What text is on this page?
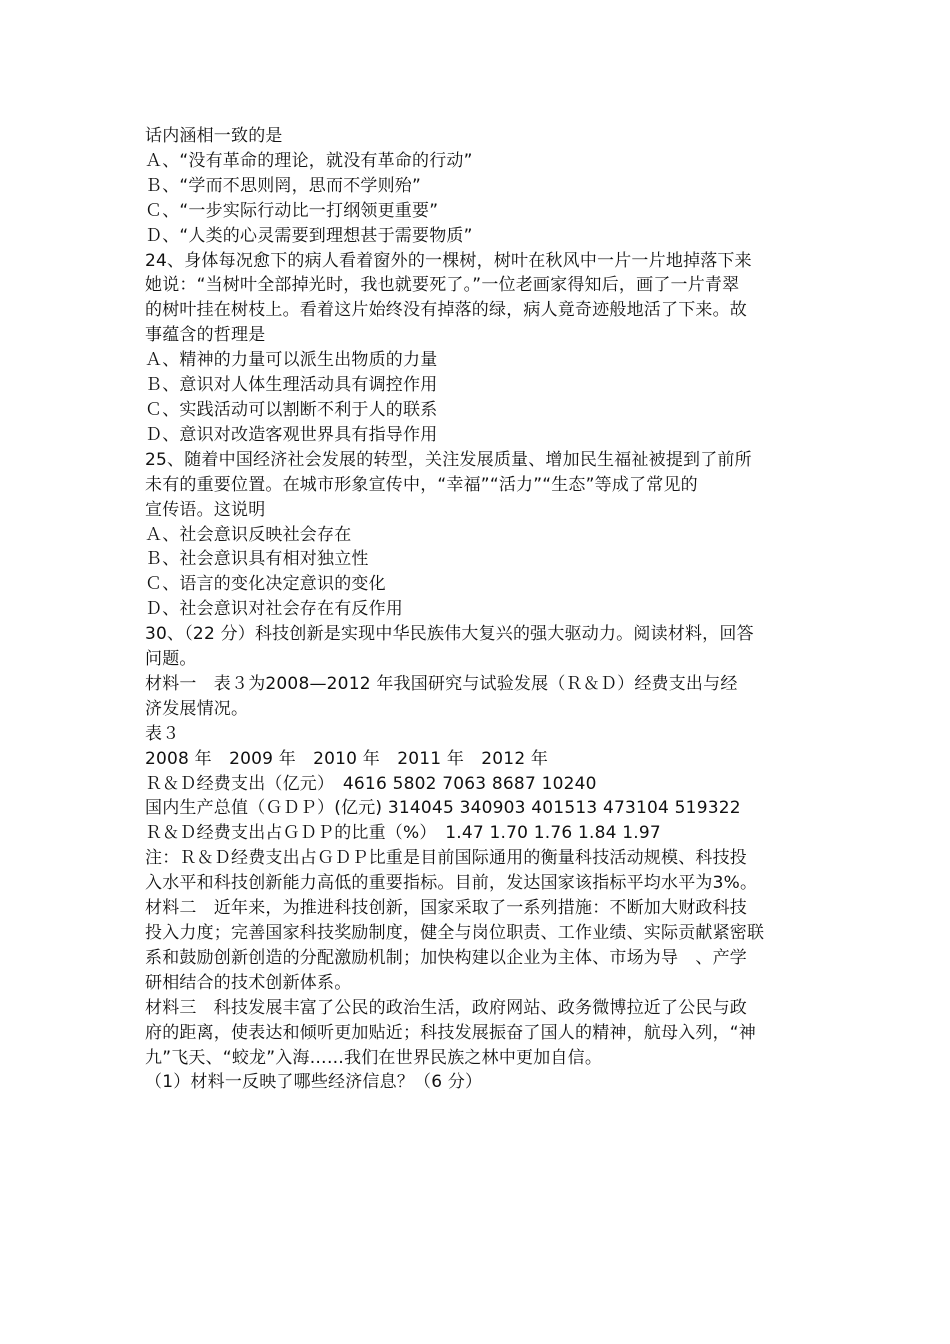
话内涵相一致的是
Ａ、“没有革命的理论，就没有革命的行动”
Ｂ、“学而不思则罔，思而不学则殆”
Ｃ、“一步实际行动比一打纲领更重要”
Ｄ、“人类的心灵需要到理想甚于需要物质”
24、身体每况愈下的病人看着窗外的一棵树，树叶在秋风中一片一片地掉落下来
她说：“当树叶全部掉光时，我也就要死了。”一位老画家得知后，画了一片青翠
的树叶挂在树枝上。看着这片始终没有掉落的绿，病人竟奇迹般地活了下来。故
事蕴含的哲理是
Ａ、精神的力量可以派生出物质的力量
Ｂ、意识对人体生理活动具有调控作用
Ｃ、实践活动可以割断不利于人的联系
Ｄ、意识对改造客观世界具有指导作用
25、随着中国经济社会发展的转型，关注发展质量、增加民生福祉被提到了前所
未有的重要位置。在城市形象宣传中，“幸福”“活力”“生态”等成了常见的
宣传语。这说明
Ａ、社会意识反映社会存在
Ｂ、社会意识具有相对独立性
Ｃ、语言的变化决定意识的变化
Ｄ、社会意识对社会存在有反作用
30、（22 分）科技创新是实现中华民族伟大复兴的强大驱动力。阅读材料，回答
问题。
材料一　表３为2008—2012 年我国研究与试验发展（Ｒ＆Ｄ）经费支出与经
济发展情况。
表３
2008 年　2009 年　2010 年　2011 年　2012 年
Ｒ＆Ｄ经费支出（亿元）　4616 5802 7063 8687 10240
国内生产总值（ＧＤＰ）(亿元) 314045 340903 401513 473104 519322
Ｒ＆Ｄ经费支出占ＧＤＰ的比重（%）　1.47 1.70 1.76 1.84 1.97
注：Ｒ＆Ｄ经费支出占ＧＤＰ比重是目前国际通用的衡量科技活动规模、科技投
入水平和科技创新能力高低的重要指标。目前，发达国家该指标平均水平为3%。
材料二　近年来，为推进科技创新，国家采取了一系列措施：不断加大财政科技
投入力度；完善国家科技奖励制度，健全与岗位职责、工作业绩、实际贡献紧密联
系和鼓励创新创造的分配激励机制；加快构建以企业为主体、市场为导　、产学
研相结合的技术创新体系。
材料三　科技发展丰富了公民的政治生活，政府网站、政务微博拉近了公民与政
府的距离，使表达和倾听更加贴近；科技发展振奋了国人的精神，航母入列，“神
九”飞天、“蛟龙”入海……我们在世界民族之林中更加自信。
（1）材料一反映了哪些经济信息？（6 分）
